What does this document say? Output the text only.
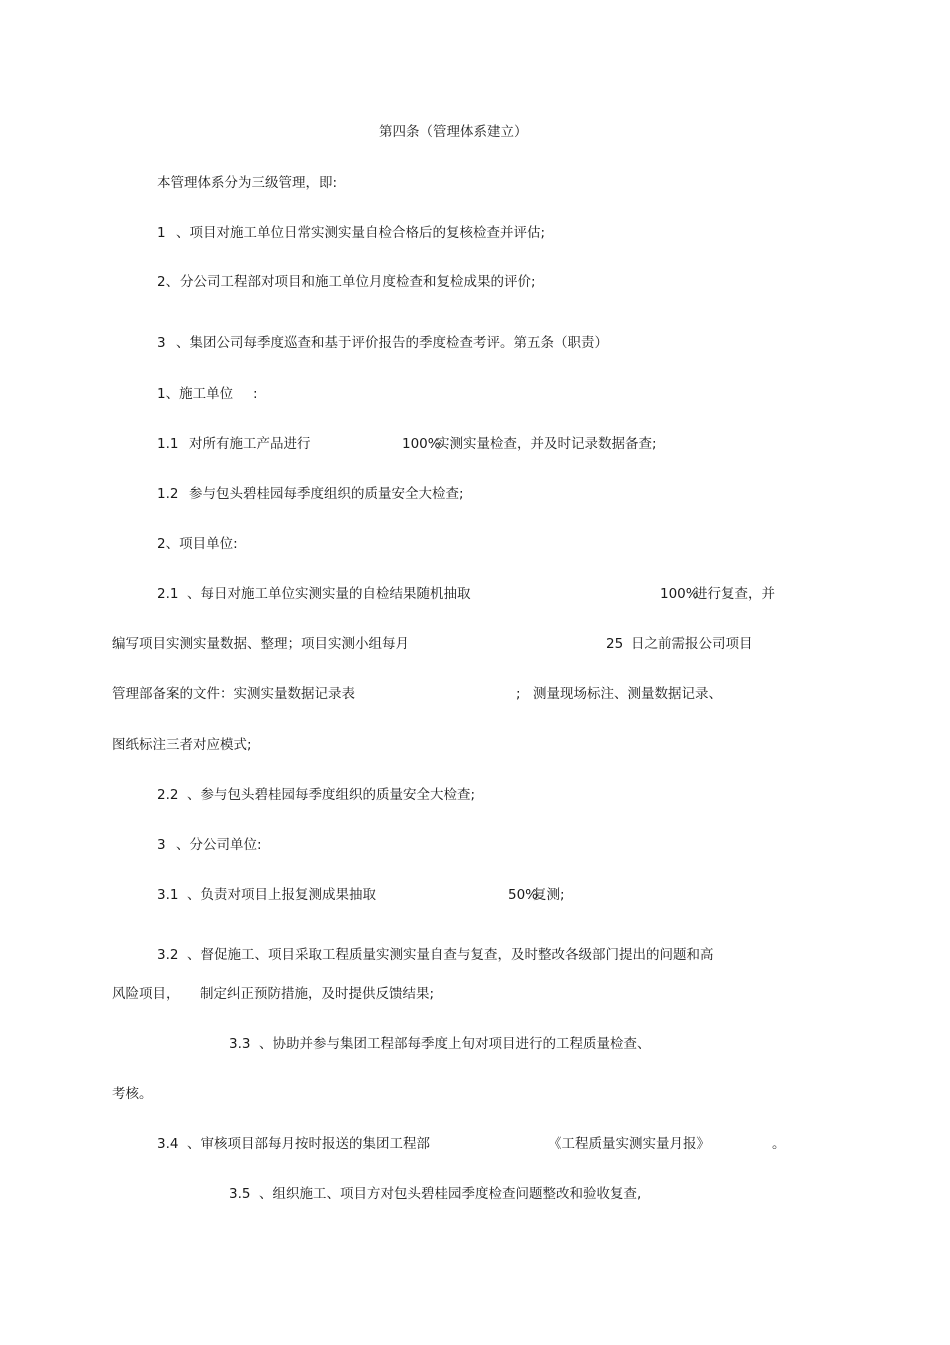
第四条（管理体系建立）
本管理体系分为三级管理，即:
1 、项目对施工单位日常实测实量自检合格后的复核检查并评估;
2、 分公司工程部对项目和施工单位月度检查和复检成果的评价;
3 、集团公司每季度巡查和基于评价报告的季度检查考评。第五条（职责）
1、施工单位 :
1.1 对所有施工产品进行	100%
实测实量检查，并及时记录数据备查;
1.2 参与包头碧桂园每季度组织的质量安全大检查;
2、项目单位:
2.1 、每日对施工单位实测实量的自检结果随机抽取	100%
进行复查，并
编写项目实测实量数据、整理；项目实测小组每月	25 日之前需报公司项目
管理部备案的文件：实测实量数据记录表	; 测量现场标注、测量数据记录、
图纸标注三者对应模式;
2.2 、参与包头碧桂园每季度组织的质量安全大检查;
3 、分公司单位:
3.1 、负责对项目上报复测成果抽取	50%
复测;
3.2 、督促施工、项目采取工程质量实测实量自查与复查，及时整改各级部门提出的问题和高
风险项目， 制定纠正预防措施，及时提供反馈结果;
3.3 、协助并参与集团工程部每季度上旬对项目进行的工程质量检查、
考核。
3.4 、审核项目部每月按时报送的集团工程部	《工程质量实测实量月报》	。
3.5 、组织施工、项目方对包头碧桂园季度检查问题整改和验收复查,
